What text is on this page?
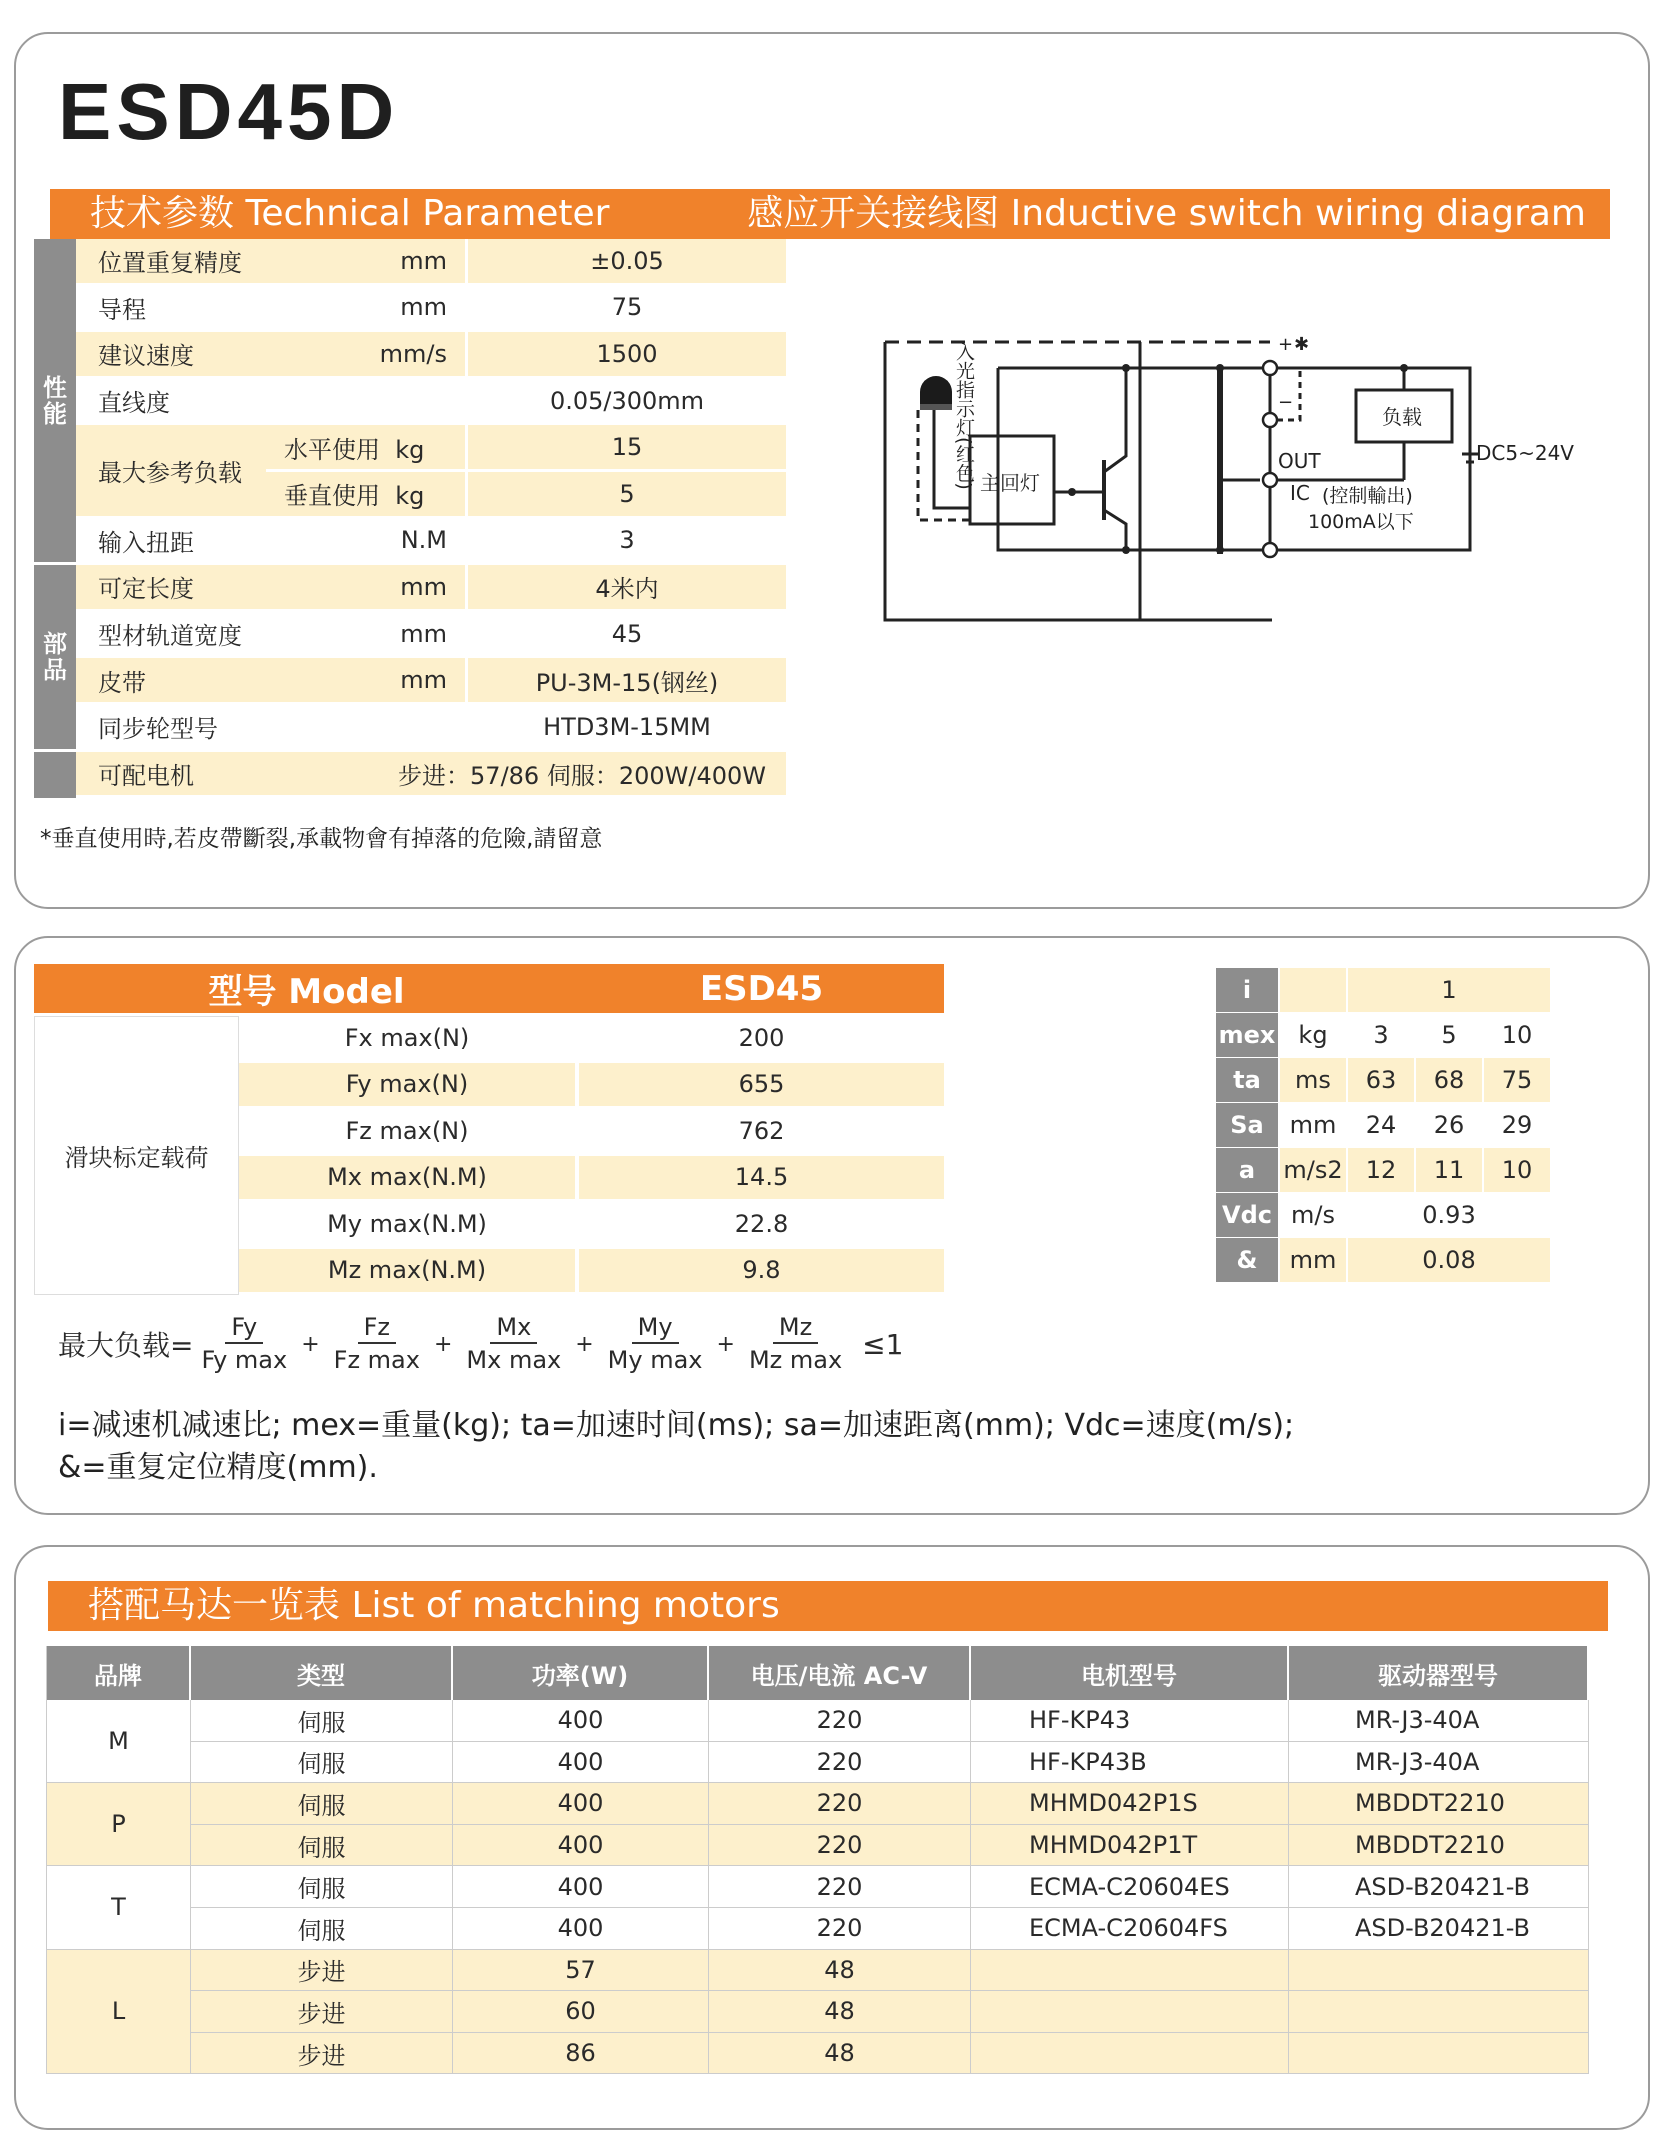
ESD45D
技术参数 Technical Parameter	感应开关接线图 Inductive switch wiring diagram
性能	位置重复精度	mm		±0.05
	导程	mm		75
	建议速度	mm/s		1500
	直线度			0.05/300mm
	最大参考负载	水平使用 kg		15
		垂直使用 kg		5
	输入扭距	N.M		3

部品	可定长度	mm		4米内
	型材轨道宽度	mm		45
	皮带	mm		PU-3M-15(钢丝)
	同步轮型号			HTD3M-15MM
	可配电机	步进：57/86 伺服：200W/400W		
*垂直使用時,若皮帶斷裂,承載物會有掉落的危險,請留意
+ ✱
−
主回灯
负载
OUT
IC (控制輸出)
100mA以下
DC5~24V
入光指示灯(红色)
型号 Model		ESD45
滑块标定载荷	Fx max(N)	200
	Fy max(N)	655
	Fz max(N)	762
	Mx max(N.M)	14.5
	My max(N.M)	22.8
	Mz max(N.M)	9.8
i		1		
mex	kg	3	5	10
ta	ms	63	68	75
Sa	mm	24	26	29
a	m/s2	12	11	10
Vdc	m/s	0.93		
&	mm	0.08		
最大负载= $\frac{Fy}{\text{Fy max}} + \frac{Fz}{\text{Fz max}} + \frac{Mx}{\text{Mx max}} + \frac{My}{\text{My max}} + \frac{Mz}{\text{Mz max}} \le 1$
i=减速机减速比; mex=重量(kg); ta=加速时间(ms); sa=加速距离(mm); Vdc=速度(m/s);
&=重复定位精度(mm).
搭配马达一览表 List of matching motors
品牌	类型	功率(W)	电压/电流 AC-V	电机型号	驱动器型号
M	伺服	400	220	HF-KP43	MR-J3-40A
	伺服	400	220	HF-KP43B	MR-J3-40A
P	伺服	400	220	MHMD042P1S	MBDDT2210
	伺服	400	220	MHMD042P1T	MBDDT2210
T	伺服	400	220	ECMA-C20604ES	ASD-B20421-B
	伺服	400	220	ECMA-C20604FS	ASD-B20421-B
L	步进	57	48		
	步进	60	48		
	步进	86	48		
